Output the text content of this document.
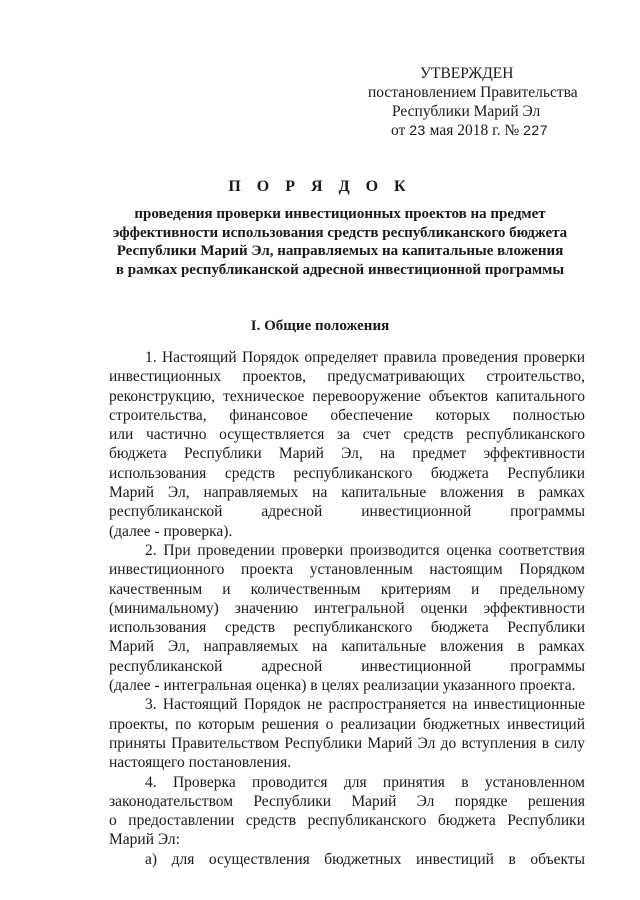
УТВЕРЖДЕН
постановлением Правительства
Республики Марий Эл
от 23 мая 2018 г. № 227
П О Р Я Д О К
проведения проверки инвестиционных проектов на предмет
эффективности использования средств республиканского бюджета
Республики Марий Эл, направляемых на капитальные вложения
в рамках республиканской адресной инвестиционной программы
I. Общие положения
1. Настоящий Порядок определяет правила проведения проверки
инвестиционных проектов, предусматривающих строительство,
реконструкцию, техническое перевооружение объектов капитального
строительства, финансовое обеспечение которых полностью
или частично осуществляется за счет средств республиканского
бюджета Республики Марий Эл, на предмет эффективности
использования средств республиканского бюджета Республики
Марий Эл, направляемых на капитальные вложения в рамках
республиканской адресной инвестиционной программы
(далее - проверка).
2. При проведении проверки производится оценка соответствия
инвестиционного проекта установленным настоящим Порядком
качественным и количественным критериям и предельному
(минимальному) значению интегральной оценки эффективности
использования средств республиканского бюджета Республики
Марий Эл, направляемых на капитальные вложения в рамках
республиканской адресной инвестиционной программы
(далее - интегральная оценка) в целях реализации указанного проекта.
3. Настоящий Порядок не распространяется на инвестиционные
проекты, по которым решения о реализации бюджетных инвестиций
приняты Правительством Республики Марий Эл до вступления в силу
настоящего постановления.
4. Проверка проводится для принятия в установленном
законодательством Республики Марий Эл порядке решения
о предоставлении средств республиканского бюджета Республики
Марий Эл:
а) для осуществления бюджетных инвестиций в объекты
